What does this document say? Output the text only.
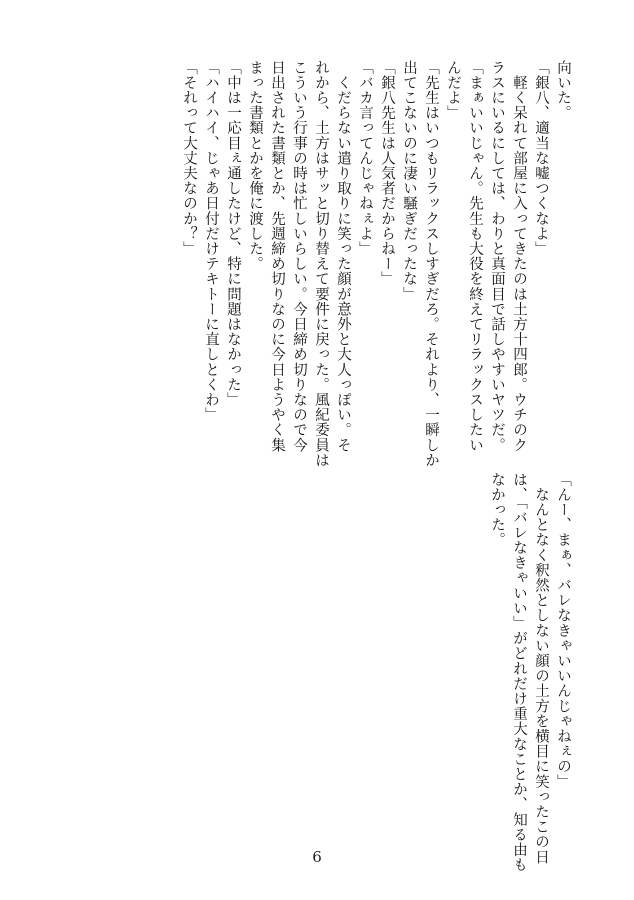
向いた。
「銀八、適当な嘘つくなよ」
　軽く呆れて部屋に入ってきたのは土方十四郎。ウチのク
ラスにいるにしては、わりと真面目で話しやすいヤツだ。
「まぁいいじゃん。先生も大役を終えてリラックスしたい
んだよ」
「先生はいつもリラックスしすぎだろ。それより、一瞬しか
出てこないのに凄い騒ぎだったな」
「銀八先生は人気者だからねー」
「バカ言ってんじゃねぇよ」
　くだらない遣り取りに笑った顔が意外と大人っぽい。そ
れから、土方はサッと切り替えて要件に戻った。風紀委員は
こういう行事の時は忙しいらしい。今日締め切りなので今
日出された書類とか、先週締め切りなのに今日ようやく集
まった書類とかを俺に渡した。
「中は一応目ぇ通したけど、特に問題はなかった」
「ハイハイ、じゃあ日付だけテキトーに直しとくわ」
「それって大丈夫なのか？」
「んー、まぁ、バレなきゃいいんじゃねぇの」
　なんとなく釈然としない顔の土方を横目に笑ったこの日
は、「バレなきゃいい」がどれだけ重大なことか、知る由も
なかった。
6
